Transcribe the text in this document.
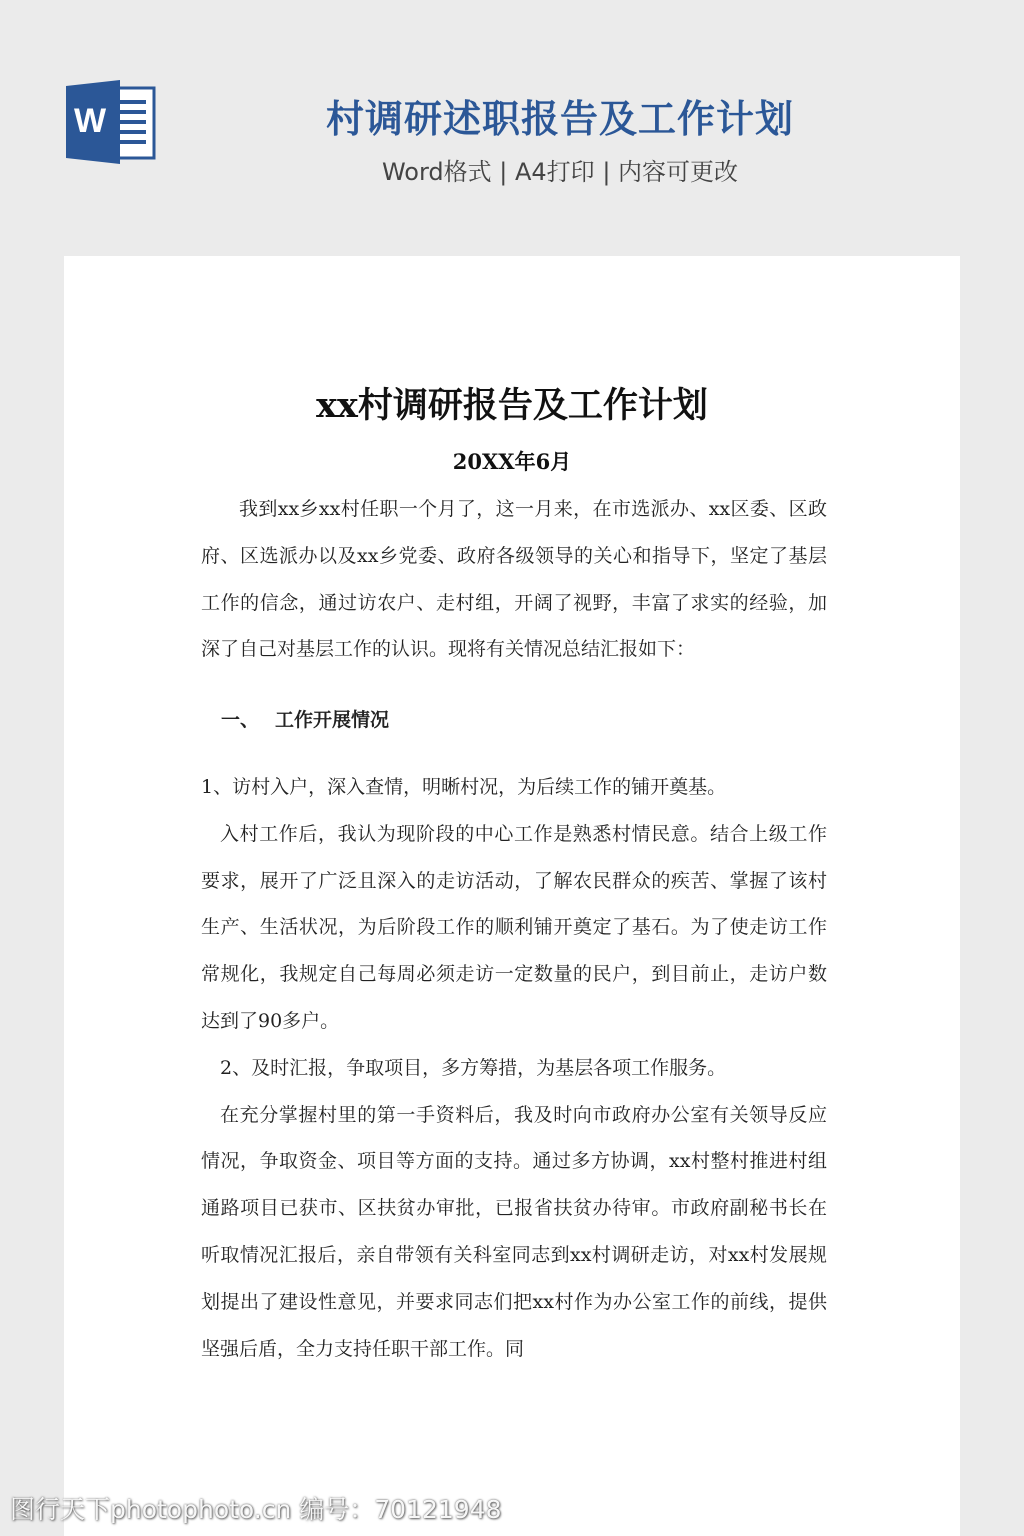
W	村调研述职报告及工作计划
Word格式 | A4打印 | 内容可更改
xx村调研报告及工作计划
20XX年6月

我到xx乡xx村任职一个月了，这一月来，在市选派办、xx区委、区政府、区选派办以及xx乡党委、政府各级领导的关心和指导下，坚定了基层工作的信念，通过访农户、走村组，开阔了视野，丰富了求实的经验，加深了自己对基层工作的认识。现将有关情况总结汇报如下：

一、 工作开展情况

1、访村入户，深入查情，明晰村况，为后续工作的铺开奠基。

入村工作后，我认为现阶段的中心工作是熟悉村情民意。结合上级工作要求，展开了广泛且深入的走访活动，了解农民群众的疾苦、掌握了该村生产、生活状况，为后阶段工作的顺利铺开奠定了基石。为了使走访工作常规化，我规定自己每周必须走访一定数量的民户，到目前止，走访户数达到了90多户。

2、及时汇报，争取项目，多方筹措，为基层各项工作服务。

在充分掌握村里的第一手资料后，我及时向市政府办公室有关领导反应情况，争取资金、项目等方面的支持。通过多方协调，xx村整村推进村组通路项目已获市、区扶贫办审批，已报省扶贫办待审。市政府副秘书长在听取情况汇报后，亲自带领有关科室同志到xx村调研走访，对xx村发展规划提出了建设性意见，并要求同志们把xx村作为办公室工作的前线，提供坚强后盾，全力支持任职干部工作。同

图行天下photophoto.cn 编号：70121948
